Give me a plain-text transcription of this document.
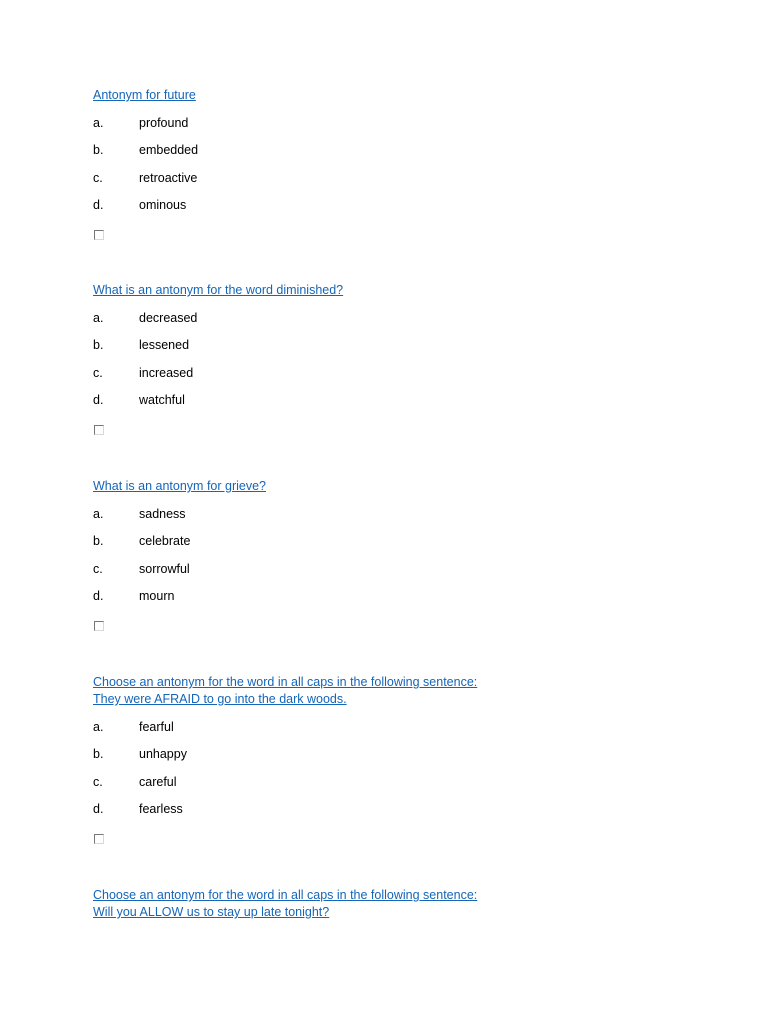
Antonym for future

a.	profound
b.	embedded
c.	retroactive
d.	ominous

What is an antonym for the word diminished?

a.	decreased
b.	lessened
c.	increased
d.	watchful

What is an antonym for grieve?

a.	sadness
b.	celebrate
c.	sorrowful
d.	mourn

Choose an antonym for the word in all caps in the following sentence:
They were AFRAID to go into the dark woods.

a.	fearful
b.	unhappy
c.	careful
d.	fearless

Choose an antonym for the word in all caps in the following sentence:
Will you ALLOW us to stay up late tonight?
